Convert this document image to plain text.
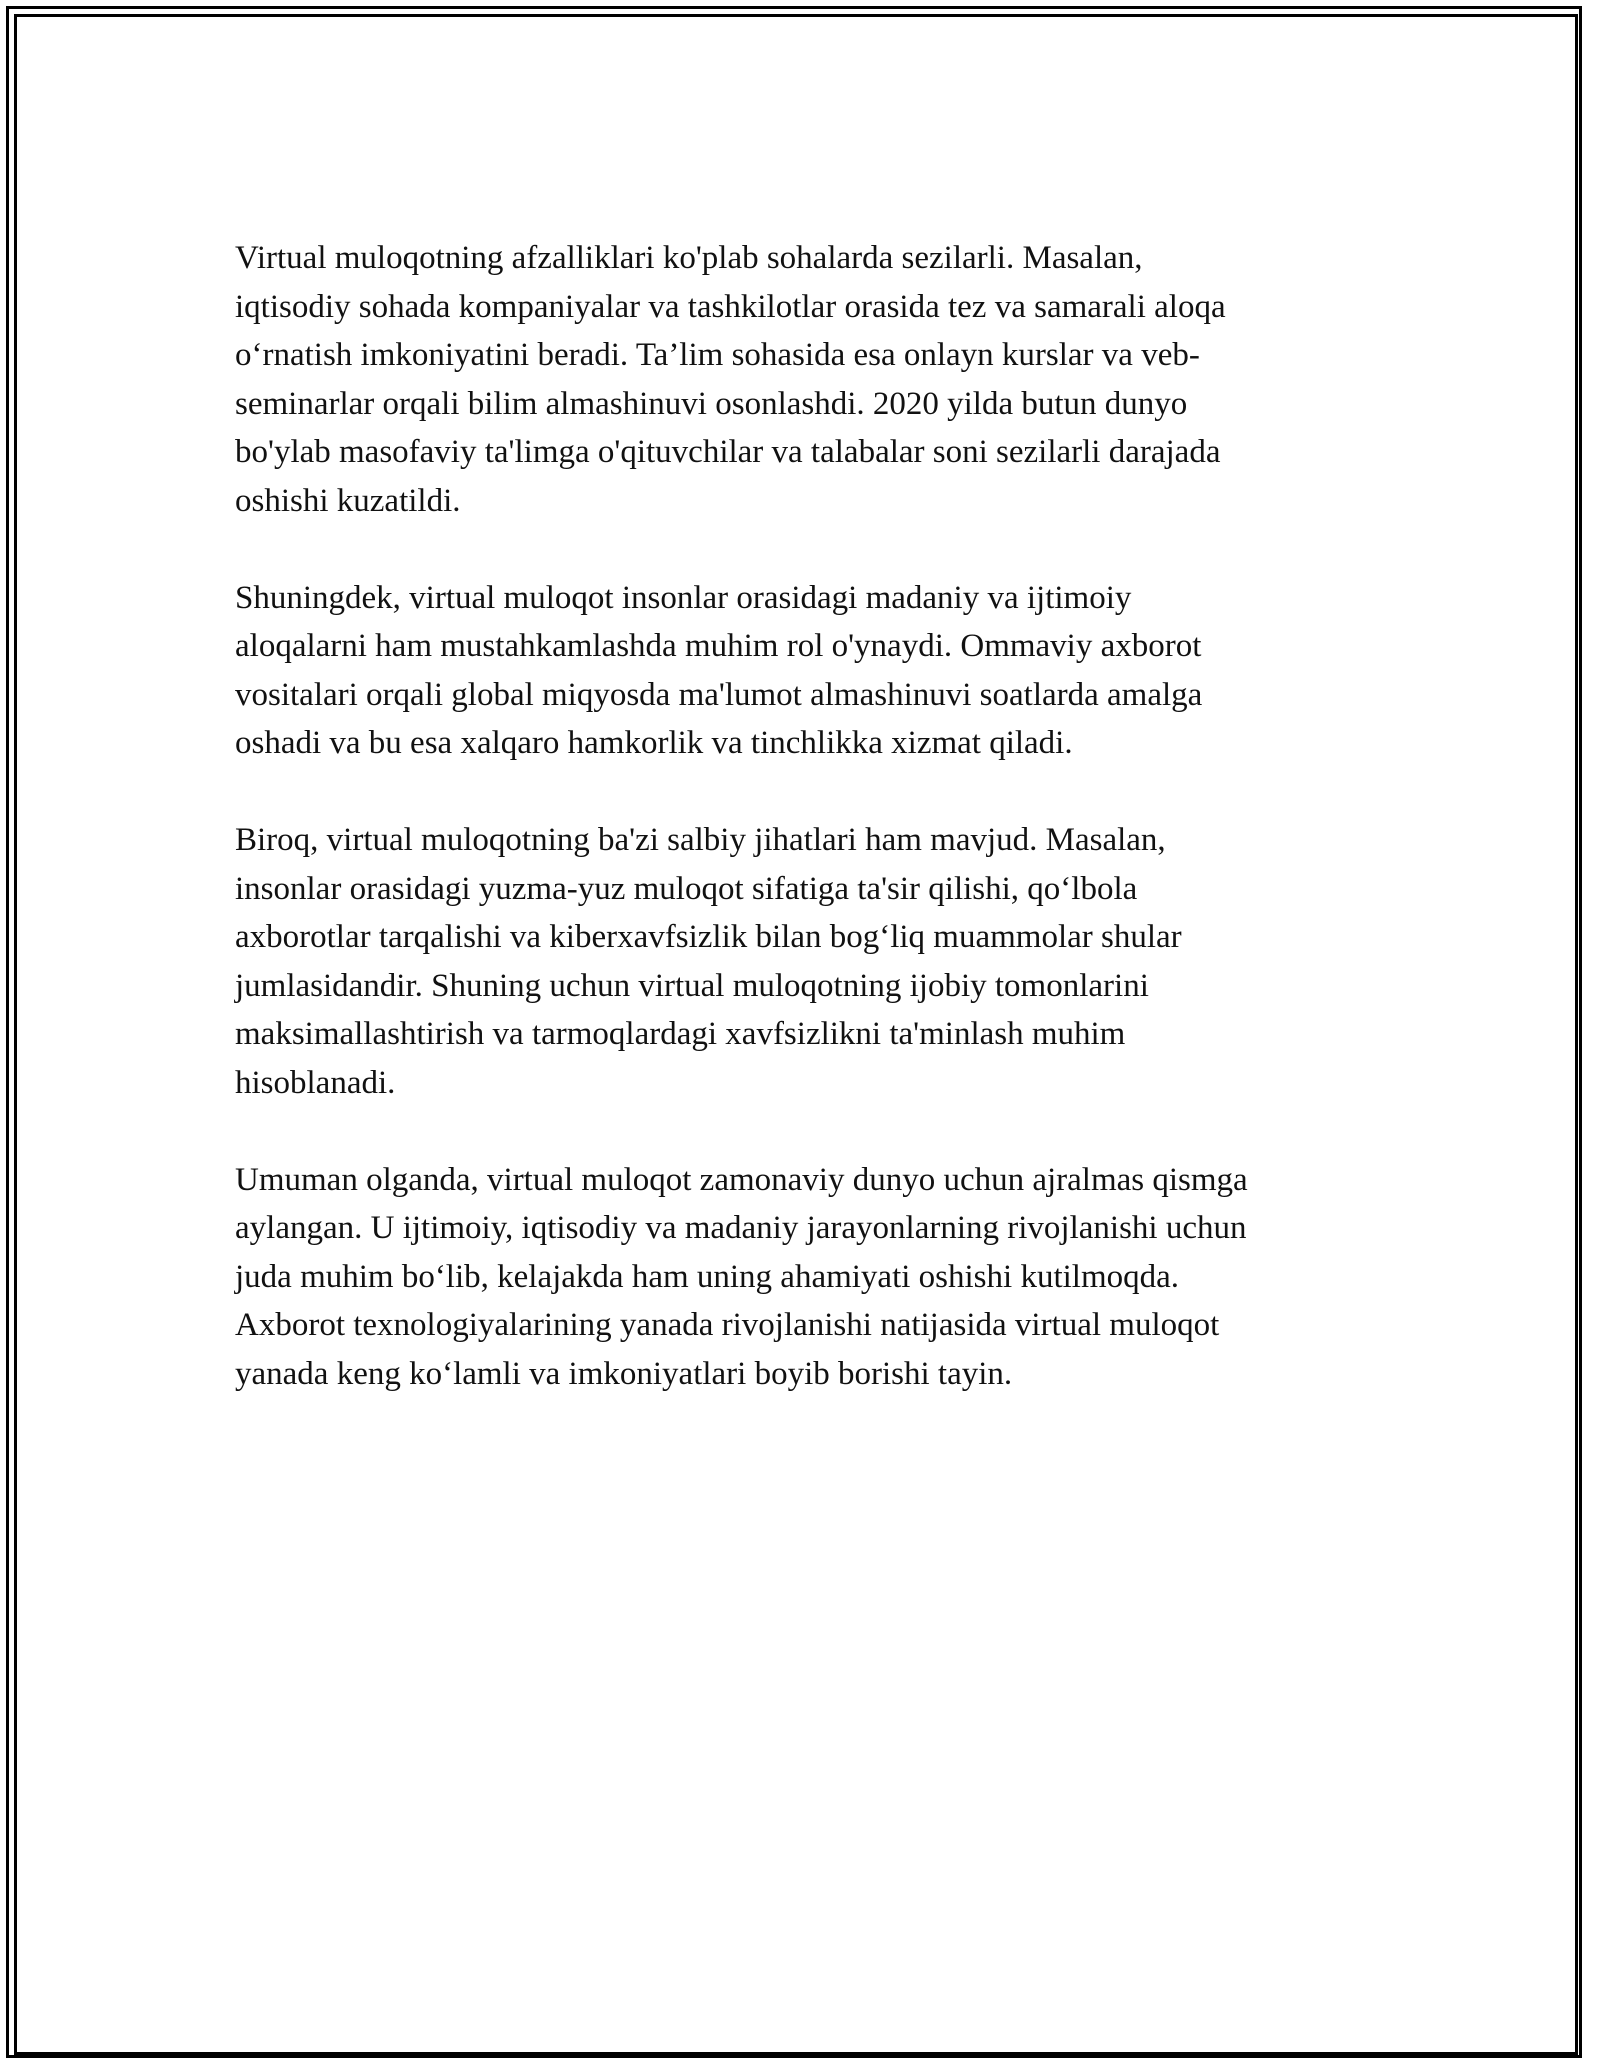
Virtual muloqotning afzalliklari ko'plab sohalarda sezilarli. Masalan,
iqtisodiy sohada kompaniyalar va tashkilotlar orasida tez va samarali aloqa
o‘rnatish imkoniyatini beradi. Ta’lim sohasida esa onlayn kurslar va veb-
seminarlar orqali bilim almashinuvi osonlashdi. 2020 yilda butun dunyo
bo'ylab masofaviy ta'limga o'qituvchilar va talabalar soni sezilarli darajada
oshishi kuzatildi.

Shuningdek, virtual muloqot insonlar orasidagi madaniy va ijtimoiy
aloqalarni ham mustahkamlashda muhim rol o'ynaydi. Ommaviy axborot
vositalari orqali global miqyosda ma'lumot almashinuvi soatlarda amalga
oshadi va bu esa xalqaro hamkorlik va tinchlikka xizmat qiladi.

Biroq, virtual muloqotning ba'zi salbiy jihatlari ham mavjud. Masalan,
insonlar orasidagi yuzma-yuz muloqot sifatiga ta'sir qilishi, qo‘lbola
axborotlar tarqalishi va kiberxavfsizlik bilan bog‘liq muammolar shular
jumlasidandir. Shuning uchun virtual muloqotning ijobiy tomonlarini
maksimallashtirish va tarmoqlardagi xavfsizlikni ta'minlash muhim
hisoblanadi.

Umuman olganda, virtual muloqot zamonaviy dunyo uchun ajralmas qismga
aylangan. U ijtimoiy, iqtisodiy va madaniy jarayonlarning rivojlanishi uchun
juda muhim bo‘lib, kelajakda ham uning ahamiyati oshishi kutilmoqda.
Axborot texnologiyalarining yanada rivojlanishi natijasida virtual muloqot
yanada keng ko‘lamli va imkoniyatlari boyib borishi tayin.
